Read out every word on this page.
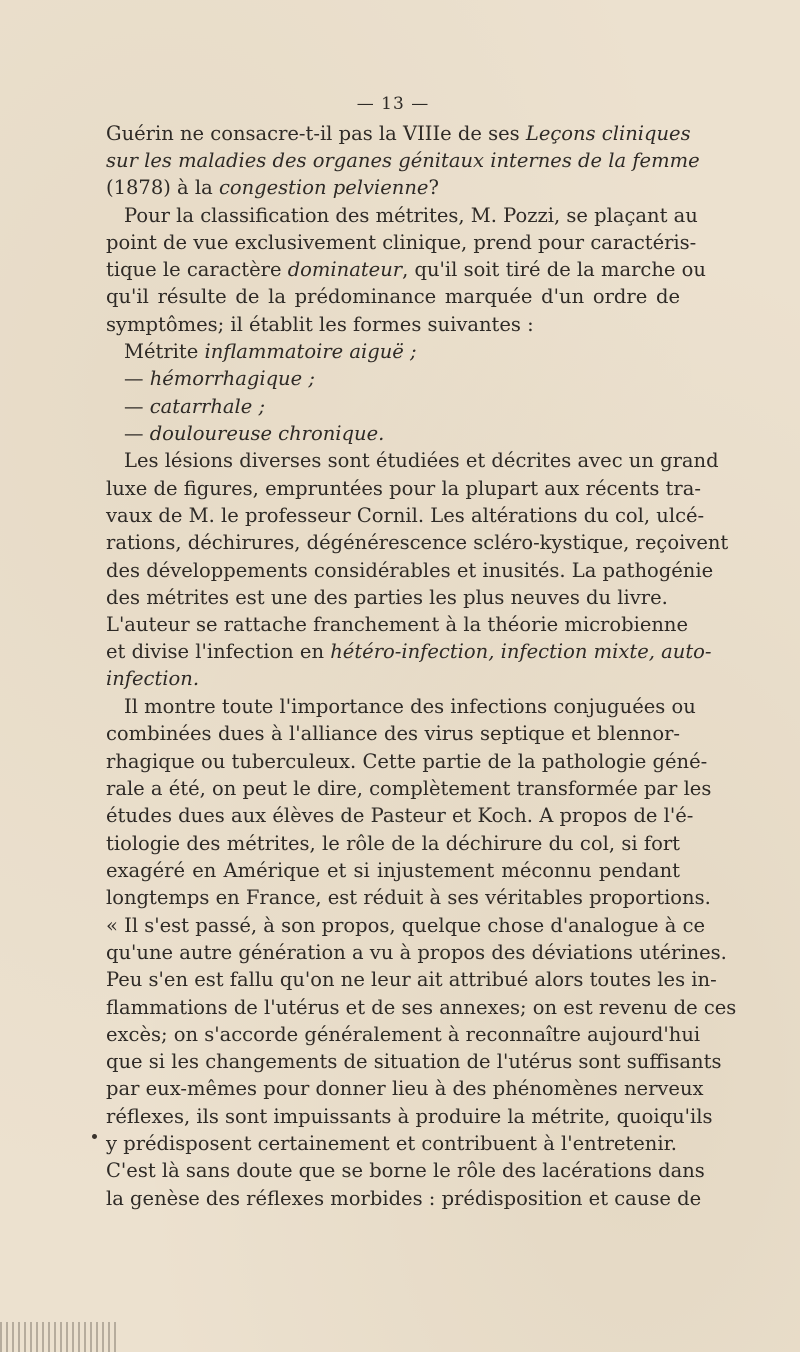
— 13 —
Guérin ne consacre-t-il pas la VIIIe de ses Leçons cliniques
sur les maladies des organes génitaux internes de la femme
(1878) à la congestion pelvienne?
Pour la classification des métrites, M. Pozzi, se plaçant au
point de vue exclusivement clinique, prend pour caractéris-
tique le caractère dominateur, qu'il soit tiré de la marche ou
qu'il résulte de la prédominance marquée d'un ordre de
symptômes; il établit les formes suivantes :
Métrite inflammatoire aiguë ;
— hémorrhagique ;
— catarrhale ;
— douloureuse chronique.
Les lésions diverses sont étudiées et décrites avec un grand
luxe de figures, empruntées pour la plupart aux récents tra-
vaux de M. le professeur Cornil. Les altérations du col, ulcé-
rations, déchirures, dégénérescence scléro-kystique, reçoivent
des développements considérables et inusités. La pathogénie
des métrites est une des parties les plus neuves du livre.
L'auteur se rattache franchement à la théorie microbienne
et divise l'infection en hétéro-infection, infection mixte, auto-
infection.
Il montre toute l'importance des infections conjuguées ou
combinées dues à l'alliance des virus septique et blennor-
rhagique ou tuberculeux. Cette partie de la pathologie géné-
rale a été, on peut le dire, complètement transformée par les
études dues aux élèves de Pasteur et Koch. A propos de l'é-
tiologie des métrites, le rôle de la déchirure du col, si fort
exagéré en Amérique et si injustement méconnu pendant
longtemps en France, est réduit à ses véritables proportions.
« Il s'est passé, à son propos, quelque chose d'analogue à ce
qu'une autre génération a vu à propos des déviations utérines.
Peu s'en est fallu qu'on ne leur ait attribué alors toutes les in-
flammations de l'utérus et de ses annexes; on est revenu de ces
excès; on s'accorde généralement à reconnaître aujourd'hui
que si les changements de situation de l'utérus sont suffisants
par eux-mêmes pour donner lieu à des phénomènes nerveux
réflexes, ils sont impuissants à produire la métrite, quoiqu'ils
y prédisposent certainement et contribuent à l'entretenir.
C'est là sans doute que se borne le rôle des lacérations dans
la genèse des réflexes morbides : prédisposition et cause de
